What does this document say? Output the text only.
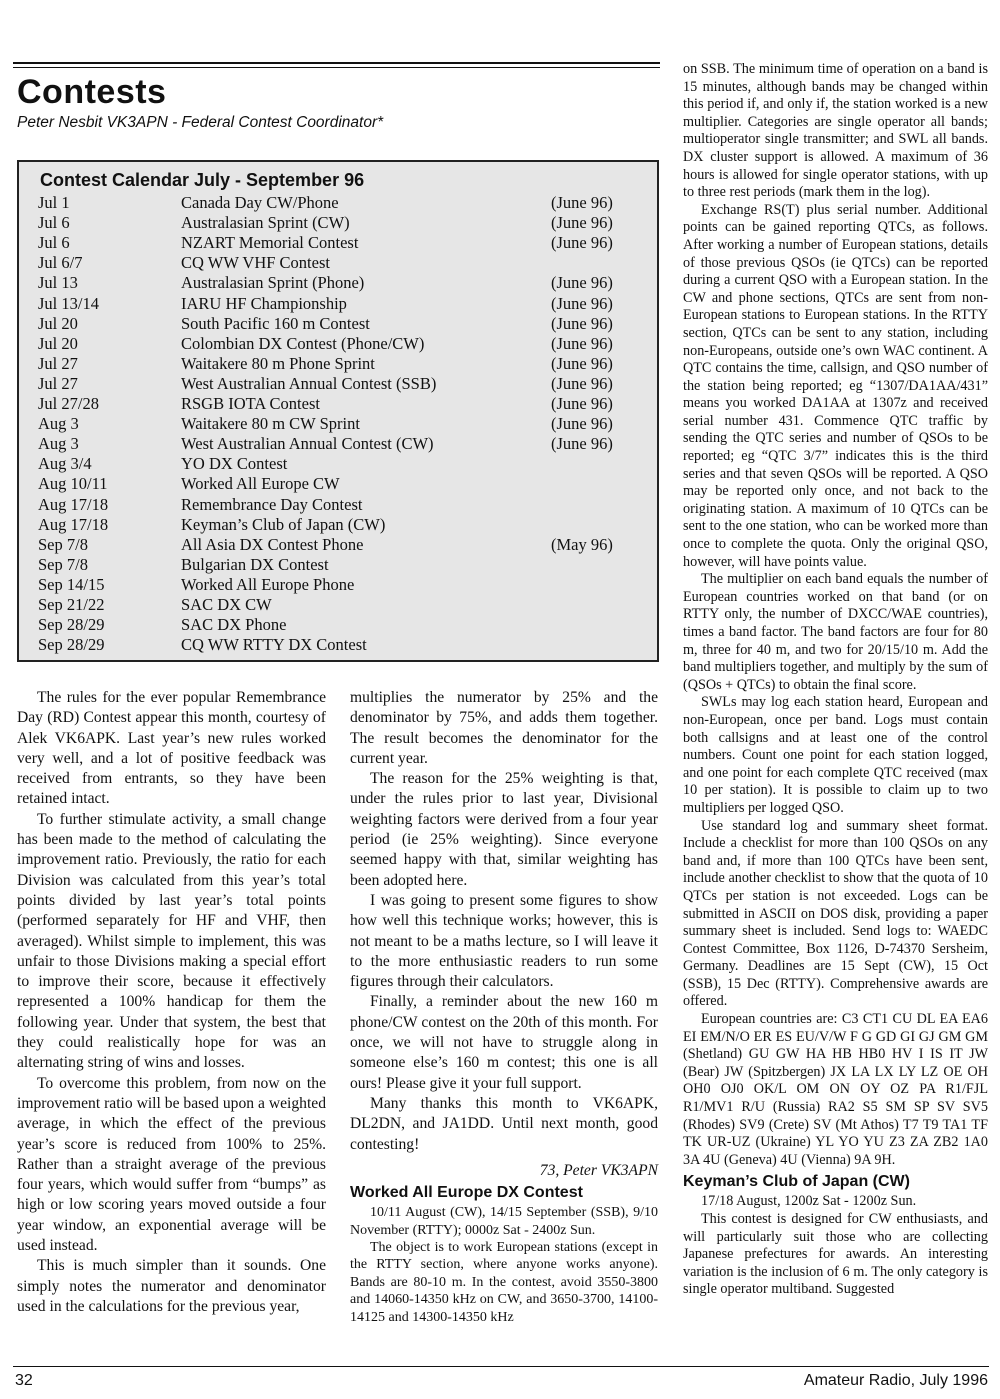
Contests
Peter Nesbit VK3APN - Federal Contest Coordinator*
Contest Calendar July - September 96
Jul 1	Canada Day CW/Phone	(June 96)
Jul 6	Australasian Sprint (CW)	(June 96)
Jul 6	NZART Memorial Contest	(June 96)
Jul 6/7	CQ WW VHF Contest
Jul 13	Australasian Sprint (Phone)	(June 96)
Jul 13/14	IARU HF Championship	(June 96)
Jul 20	South Pacific 160 m Contest	(June 96)
Jul 20	Colombian DX Contest (Phone/CW)	(June 96)
Jul 27	Waitakere 80 m Phone Sprint	(June 96)
Jul 27	West Australian Annual Contest (SSB)	(June 96)
Jul 27/28	RSGB IOTA Contest	(June 96)
Aug 3	Waitakere 80 m CW Sprint	(June 96)
Aug 3	West Australian Annual Contest (CW)	(June 96)
Aug 3/4	YO DX Contest
Aug 10/11	Worked All Europe CW
Aug 17/18	Remembrance Day Contest
Aug 17/18	Keyman’s Club of Japan (CW)
Sep 7/8	All Asia DX Contest Phone	(May 96)
Sep 7/8	Bulgarian DX Contest
Sep 14/15	Worked All Europe Phone
Sep 21/22	SAC DX CW
Sep 28/29	SAC DX Phone
Sep 28/29	CQ WW RTTY DX Contest

The rules for the ever popular Remembrance Day (RD) Contest appear this month, courtesy of Alek VK6APK. Last year’s new rules worked very well, and a lot of positive feedback was received from entrants, so they have been retained intact.

To further stimulate activity, a small change has been made to the method of calculating the improvement ratio. Previously, the ratio for each Division was calculated from this year’s total points divided by last year’s total points (performed separately for HF and VHF, then averaged). Whilst simple to implement, this was unfair to those Divisions making a special effort to improve their score, because it effectively represented a 100% handicap for them the following year. Under that system, the best that they could realistically hope for was an alternating string of wins and losses.

To overcome this problem, from now on the improvement ratio will be based upon a weighted average, in which the effect of the previous year’s score is reduced from 100% to 25%. Rather than a straight average of the previous four years, which would suffer from “bumps” as high or low scoring years moved outside a four year window, an exponential average will be used instead.

This is much simpler than it sounds. One simply notes the numerator and denominator used in the calculations for the previous year,

multiplies the numerator by 25% and the denominator by 75%, and adds them together. The result becomes the denominator for the current year.

The reason for the 25% weighting is that, under the rules prior to last year, Divisional weighting factors were derived from a four year period (ie 25% weighting). Since everyone seemed happy with that, similar weighting has been adopted here.

I was going to present some figures to show how well this technique works; however, this is not meant to be a maths lecture, so I will leave it to the more enthusiastic readers to run some figures through their calculators.

Finally, a reminder about the new 160 m phone/CW contest on the 20th of this month. For once, we will not have to struggle along in someone else’s 160 m contest; this one is all ours! Please give it your full support.

Many thanks this month to VK6APK, DL2DN, and JA1DD. Until next month, good contesting!

73, Peter VK3APN

Worked All Europe DX Contest

10/11 August (CW), 14/15 September (SSB), 9/10 November (RTTY); 0000z Sat - 2400z Sun.

The object is to work European stations (except in the RTTY section, where anyone works anyone). Bands are 80-10 m. In the contest, avoid 3550-3800 and 14060-14350 kHz on CW, and 3650-3700, 14100-14125 and 14300-14350 kHz

on SSB. The minimum time of operation on a band is 15 minutes, although bands may be changed within this period if, and only if, the station worked is a new multiplier. Categories are single operator all bands; multioperator single transmitter; and SWL all bands. DX cluster support is allowed. A maximum of 36 hours is allowed for single operator stations, with up to three rest periods (mark them in the log).

Exchange RS(T) plus serial number. Additional points can be gained reporting QTCs, as follows. After working a number of European stations, details of those previous QSOs (ie QTCs) can be reported during a current QSO with a European station. In the CW and phone sections, QTCs are sent from non-European stations to European stations. In the RTTY section, QTCs can be sent to any station, including non-Europeans, outside one’s own WAC continent. A QTC contains the time, callsign, and QSO number of the station being reported; eg “1307/DA1AA/431” means you worked DA1AA at 1307z and received serial number 431. Commence QTC traffic by sending the QTC series and number of QSOs to be reported; eg “QTC 3/7” indicates this is the third series and that seven QSOs will be reported. A QSO may be reported only once, and not back to the originating station. A maximum of 10 QTCs can be sent to the one station, who can be worked more than once to complete the quota. Only the original QSO, however, will have points value.

The multiplier on each band equals the number of European countries worked on that band (or on RTTY only, the number of DXCC/WAE countries), times a band factor. The band factors are four for 80 m, three for 40 m, and two for 20/15/10 m. Add the band multipliers together, and multiply by the sum of (QSOs + QTCs) to obtain the final score.

SWLs may log each station heard, European and non-European, once per band. Logs must contain both callsigns and at least one of the control numbers. Count one point for each station logged, and one point for each complete QTC received (max 10 per station). It is possible to claim up to two multipliers per logged QSO.

Use standard log and summary sheet format. Include a checklist for more than 100 QSOs on any band and, if more than 100 QTCs have been sent, include another checklist to show that the quota of 10 QTCs per station is not exceeded. Logs can be submitted in ASCII on DOS disk, providing a paper summary sheet is included. Send logs to: WAEDC Contest Committee, Box 1126, D-74370 Sersheim, Germany. Deadlines are 15 Sept (CW), 15 Oct (SSB), 15 Dec (RTTY). Comprehensive awards are offered.

European countries are: C3 CT1 CU DL EA EA6 EI EM/N/O ER ES EU/V/W F G GD GI GJ GM GM (Shetland) GU GW HA HB HB0 HV I IS IT JW (Bear) JW (Spitzbergen) JX LA LX LY LZ OE OH OH0 OJ0 OK/L OM ON OY OZ PA R1/FJL R1/MV1 R/U (Russia) RA2 S5 SM SP SV SV5 (Rhodes) SV9 (Crete) SV (Mt Athos) T7 T9 TA1 TF TK UR-UZ (Ukraine) YL YO YU Z3 ZA ZB2 1A0 3A 4U (Geneva) 4U (Vienna) 9A 9H.

Keyman’s Club of Japan (CW)

17/18 August, 1200z Sat - 1200z Sun.

This contest is designed for CW enthusiasts, and will particularly suit those who are collecting Japanese prefectures for awards. An interesting variation is the inclusion of 6 m. The only category is single operator multiband. Suggested

32	Amateur Radio, July 1996
